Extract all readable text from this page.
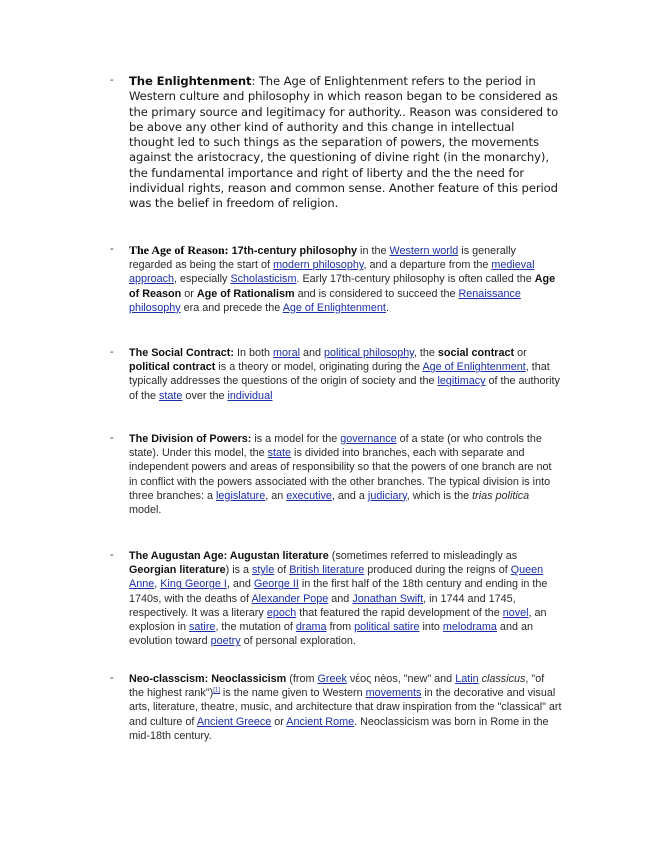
- The Enlightenment: The Age of Enlightenment refers to the period in Western culture and philosophy in which reason began to be considered as the primary source and legitimacy for authority.. Reason was considered to be above any other kind of authority and this change in intellectual thought led to such things as the separation of powers, the movements against the aristocracy, the questioning of divine right (in the monarchy), the fundamental importance and right of liberty and the the need for individual rights, reason and common sense. Another feature of this period was the belief in freedom of religion.
- The Age of Reason: 17th-century philosophy in the Western world is generally regarded as being the start of modern philosophy, and a departure from the medieval approach, especially Scholasticism. Early 17th-century philosophy is often called the Age of Reason or Age of Rationalism and is considered to succeed the Renaissance philosophy era and precede the Age of Enlightenment.
- The Social Contract: In both moral and political philosophy, the social contract or political contract is a theory or model, originating during the Age of Enlightenment, that typically addresses the questions of the origin of society and the legitimacy of the authority of the state over the individual
- The Division of Powers: is a model for the governance of a state (or who controls the state). Under this model, the state is divided into branches, each with separate and independent powers and areas of responsibility so that the powers of one branch are not in conflict with the powers associated with the other branches. The typical division is into three branches: a legislature, an executive, and a judiciary, which is the trias politica model.
- The Augustan Age: Augustan literature (sometimes referred to misleadingly as Georgian literature) is a style of British literature produced during the reigns of Queen Anne, King George I, and George II in the first half of the 18th century and ending in the 1740s, with the deaths of Alexander Pope and Jonathan Swift, in 1744 and 1745, respectively. It was a literary epoch that featured the rapid development of the novel, an explosion in satire, the mutation of drama from political satire into melodrama and an evolution toward poetry of personal exploration.
- Neo-classcism: Neoclassicism (from Greek νέος nèos, "new" and Latin classicus, "of the highest rank")[1] is the name given to Western movements in the decorative and visual arts, literature, theatre, music, and architecture that draw inspiration from the "classical" art and culture of Ancient Greece or Ancient Rome. Neoclassicism was born in Rome in the mid-18th century.
